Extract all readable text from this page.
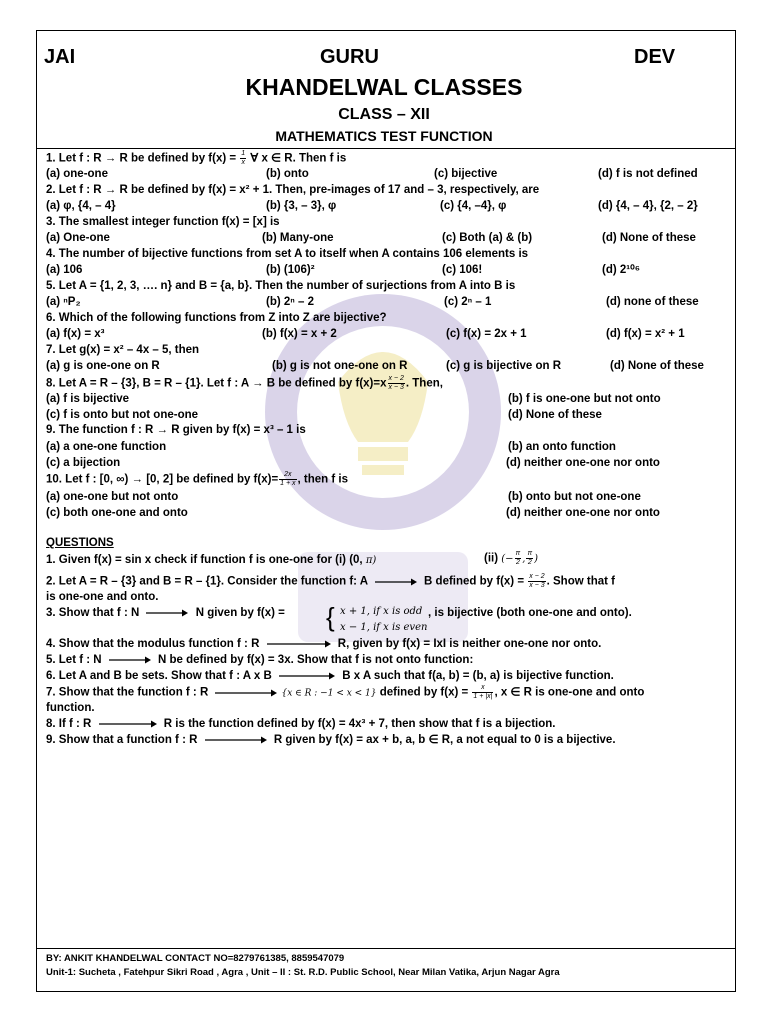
JAI	GURU	DEV
KHANDELWAL CLASSES
CLASS – XII
MATHEMATICS TEST FUNCTION
1. Let f : R → R be defined by $f(x) = \frac{1}{x}$ ∀ x ∈ R. Then f is
(a) one-one	(b) onto	(c) bijective	(d) f is not defined
2. Let f : R → R be defined by f(x) = x² + 1. Then, pre-images of 17 and – 3, respectively, are
(a) φ, {4, – 4}	(b) {3, – 3}, φ	(c) {4, –4}, φ	(d) {4, – 4}, {2, – 2}
3. The smallest integer function f(x) = [x] is
(a) One-one	(b) Many-one	(c) Both (a) & (b)	(d) None of these
4. The number of bijective functions from set A to itself when A contains 106 elements is
(a) 106	(b) (106)²	(c) 106!	(d) 2¹⁰⁶
5. Let A = {1, 2, 3, …. n} and B = {a, b}. Then the number of surjections from A into B is
(a) ⁿP₂	(b) 2ⁿ – 2	(c) 2ⁿ – 1	(d) none of these
6. Which of the following functions from Z into Z are bijective?
(a) f(x) = x³	(b) f(x) = x + 2	(c) f(x) = 2x + 1	(d) f(x) = x² + 1
7. Let g(x) = x² – 4x – 5, then
(a) g is one-one on R	(b) g is not one-one on R	(c) g is bijective on R	(d) None of these
8. Let A = R – {3}, B = R – {1}. Let f : A → B be defined by $f(x)=x \frac{x - 2}{x - 3}$ . Then,
(a) f is bijective	(b) f is one-one but not onto
(c) f is onto but not one-one	(d) None of these
9. The function f : R → R given by f(x) = x³ – 1 is
(a) a one-one function	(b) an onto function
(c) a bijection	(d) neither one-one nor onto
10. Let f : [0, ∞) → [0, 2] be defined by $f(x)= \frac{2x}{1 + x}$ , then f is
(a) one-one but not onto	(b) onto but not one-one
(c) both one-one and onto	(d) neither one-one nor onto
QUESTIONS
1. Given f(x) = sin x check if function f is one-one for (i) (0, π)	(ii) (− $\frac{\pi}{2}$ , $\frac{\pi}{2}$ )
2. Let A = R – {3} and B = R – {1}. Consider the function f: A	B defined by $f(x) = \frac{x - 2}{x - 3}$ . Show that f
is one-one and onto.
3. Show that f : N	N given by f(x) = { x + 1, if x is odd
x − 1, if x is even
, is bijective (both one-one and onto).
4. Show that the modulus function f : R	R, given by f(x) = IxI is neither one-one nor onto.
5. Let f : N	N be defined by f(x) = 3x. Show that f is not onto function:
6. Let A and B be sets. Show that f : A x B	B x A such that f(a, b) = (b, a) is bijective function.
7. Show that the function f : R	{x ∈ R : −1 < x < 1} defined by $f(x) = \frac{x}{1 + |x|}$ , x ∈ R is one-one and onto
function.
8. If f : R	R is the function defined by f(x) = 4x³ + 7, then show that f is a bijection.
9. Show that a function f : R	R given by f(x) = ax + b, a, b ∈ R, a not equal to 0 is a bijective.
BY: ANKIT KHANDELWAL CONTACT NO=8279761385, 8859547079
Unit-1: Sucheta , Fatehpur Sikri Road , Agra , Unit – II : St. R.D. Public School, Near Milan Vatika, Arjun Nagar Agra
